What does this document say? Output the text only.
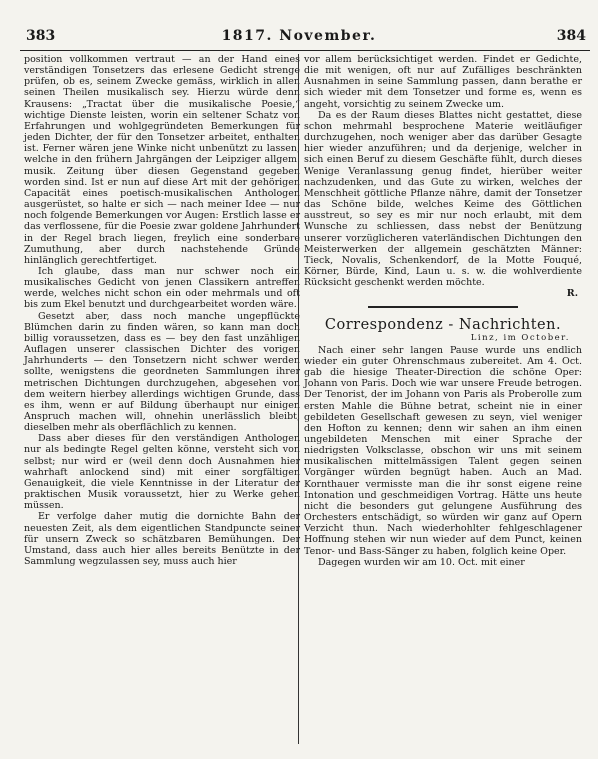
383	1817. November.	384

position vollkommen vertraut — an der Hand eines verständigen Tonsetzers das erlesene Gedicht strenge prüfen, ob es, seinem Zwecke gemäss, wirklich in allen seinen Theilen musikalisch sey. Hierzu würde denn Krausens: „Tractat über die musikalische Poesie,“ wichtige Dienste leisten, worin ein seltener Schatz von Erfahrungen und wohlgegründeten Bemerkungen für jeden Dichter, der für den Tonsetzer arbeitet, enthalten ist. Ferner wären jene Winke nicht unbenützt zu lassen, welche in den frühern Jahrgängen der Leipziger allgem. musik. Zeitung über diesen Gegenstand gegeben worden sind. Ist er nun auf diese Art mit der gehörigen Capacität eines poetisch-musikalischen Anthologen ausgerüstet, so halte er sich — nach meiner Idee — nur noch folgende Bemerkungen vor Augen: Erstlich lasse er das verflossene, für die Poesie zwar goldene Jahrhundert in der Regel brach liegen, freylich eine sonderbare Zumuthung, aber durch nachstehende Gründe hinlänglich gerechtfertiget.

Ich glaube, dass man nur schwer noch ein musikalisches Gedicht von jenen Classikern antreffen werde, welches nicht schon ein oder mehrmals und oft bis zum Ekel benutzt und durchgearbeitet worden wäre.

Gesetzt aber, dass noch manche ungepflückte Blümchen darin zu finden wären, so kann man doch billig voraussetzen, dass es — bey den fast unzähligen Auflagen unserer classischen Dichter des vorigen Jahrhunderts — den Tonsetzern nicht schwer werden sollte, wenigstens die geordneten Sammlungen ihrer metrischen Dichtungen durchzugehen, abgesehen von dem weitern hierbey allerdings wichtigen Grunde, dass es ihm, wenn er auf Bildung überhaupt nur einigen Anspruch machen will, ohnehin unerlässlich bleibt, dieselben mehr als oberflächlich zu kennen.

Dass aber dieses für den verständigen Anthologen nur als bedingte Regel gelten könne, versteht sich von selbst; nur wird er (weil denn doch Ausnahmen hier wahrhaft anlockend sind) mit einer sorgfältigen Genauigkeit, die viele Kenntnisse in der Literatur der praktischen Musik voraussetzt, hier zu Werke gehen müssen.

Er verfolge daher mutig die dornichte Bahn der neuesten Zeit, als dem eigentlichen Standpuncte seiner für unsern Zweck so schätzbaren Bemühungen. Der Umstand, dass auch hier alles bereits Benützte in der Sammlung wegzulassen sey, muss auch hier

vor allem berücksichtiget werden. Findet er Gedichte, die mit wenigen, oft nur auf Zufälliges beschränkten Ausnahmen in seine Sammlung passen, dann berathe er sich wieder mit dem Tonsetzer und forme es, wenn es angeht, vorsichtig zu seinem Zwecke um.

Da es der Raum dieses Blattes nicht gestattet, diese schon mehrmahl besprochene Materie weitläufiger durchzugehen, noch weniger aber das darüber Gesagte hier wieder anzuführen; und da derjenige, welcher in sich einen Beruf zu diesem Geschäfte fühlt, durch dieses Wenige Veranlassung genug findet, hierüber weiter nachzudenken, und das Gute zu wirken, welches der Menschheit göttliche Pflanze nähre, damit der Tonsetzer das Schöne bilde, welches Keime des Göttlichen ausstreut, so sey es mir nur noch erlaubt, mit dem Wunsche zu schliessen, dass nebst der Benützung unserer vorzüglicheren vaterländischen Dichtungen den Meisterwerken der allgemein geschätzten Männer: Tieck, Novalis, Schenkendorf, de la Motte Fouqué, Körner, Bürde, Kind, Laun u. s. w. die wohlverdiente Rücksicht geschenkt werden möchte.

R.

Correspondenz - Nachrichten.
Linz, im October.

Nach einer sehr langen Pause wurde uns endlich wieder ein guter Ohrenschmaus zubereitet. Am 4. Oct. gab die hiesige Theater-Direction die schöne Oper: Johann von Paris. Doch wie war unsere Freude betrogen. Der Tenorist, der im Johann von Paris als Proberolle zum ersten Mahle die Bühne betrat, scheint nie in einer gebildeten Gesellschaft gewesen zu seyn, viel weniger den Hofton zu kennen; denn wir sahen an ihm einen ungebildeten Menschen mit einer Sprache der niedrigsten Volksclasse, obschon wir uns mit seinem musikalischen mittelmässigen Talent gegen seinen Vorgänger würden begnügt haben. Auch an Mad. Kornthauer vermisste man die ihr sonst eigene reine Intonation und geschmeidigen Vortrag. Hätte uns heute nicht die besonders gut gelungene Ausführung des Orchesters entschädigt, so würden wir ganz auf Opern Verzicht thun. Nach wiederhohlter fehlgeschlagener Hoffnung stehen wir nun wieder auf dem Punct, keinen Tenor- und Bass-Sänger zu haben, folglich keine Oper.

Dagegen wurden wir am 10. Oct. mit einer
